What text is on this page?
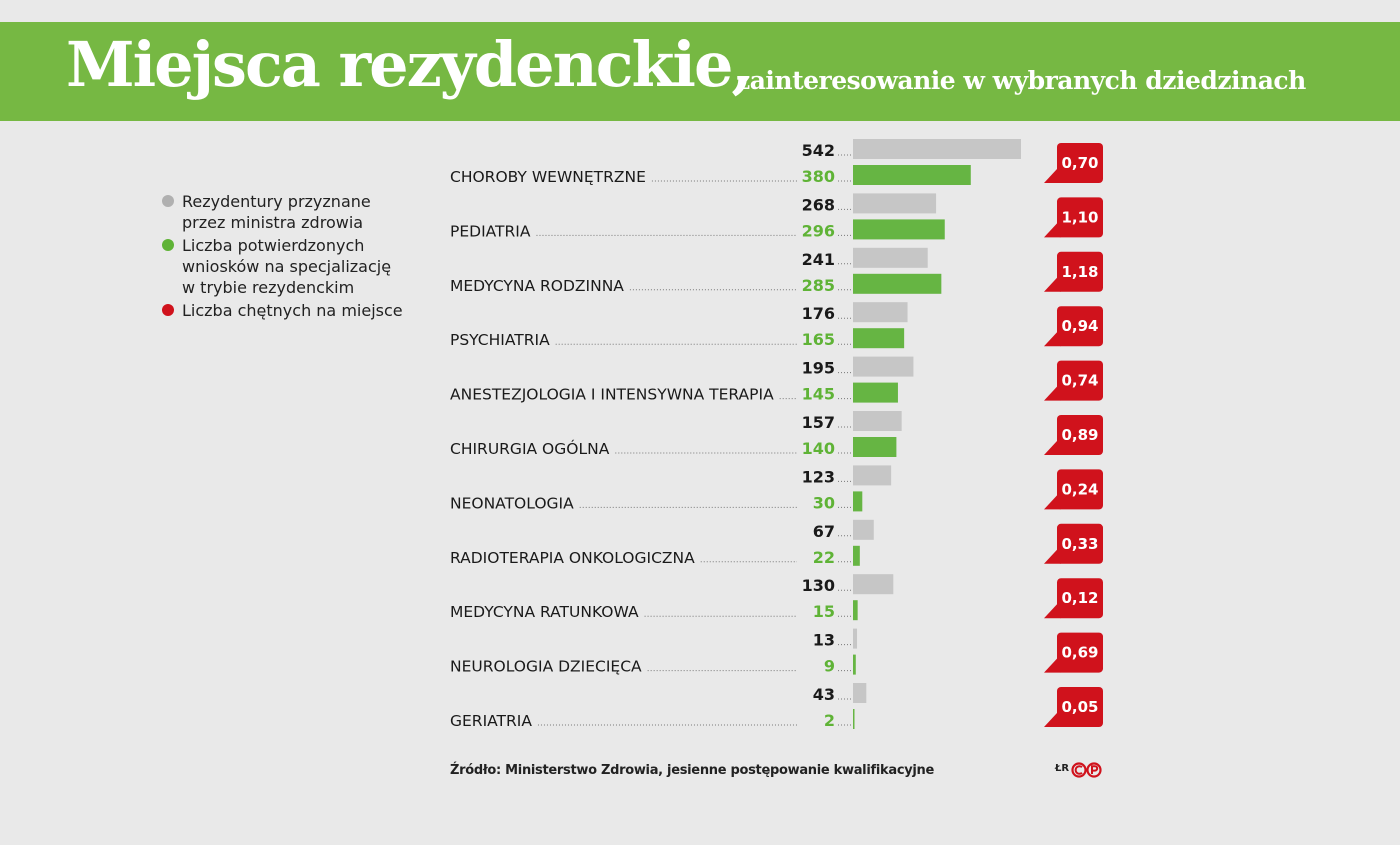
Miejsca rezydenckie,
zainteresowanie w wybranych dziedzinach
Rezydentury przyznane
przez ministra zdrowia
Liczba potwierdzonych
wniosków na specjalizację
w trybie rezydenckim
Liczba chętnych na miejsce
CHOROBY WEWNĘTRZNE
542
380
0,70
PEDIATRIA
268
296
1,10
MEDYCYNA RODZINNA
241
285
1,18
PSYCHIATRIA
176
165
0,94
ANESTEZJOLOGIA I INTENSYWNA TERAPIA
195
145
0,74
CHIRURGIA OGÓLNA
157
140
0,89
NEONATOLOGIA
123
30
0,24
RADIOTERAPIA ONKOLOGICZNA
67
22
0,33
MEDYCYNA RATUNKOWA
130
15
0,12
NEUROLOGIA DZIECIĘCA
13
9
0,69
GERIATRIA
43
2
0,05
Źródło: Ministerstwo Zdrowia, jesienne postępowanie kwalifikacyjne	ŁR
